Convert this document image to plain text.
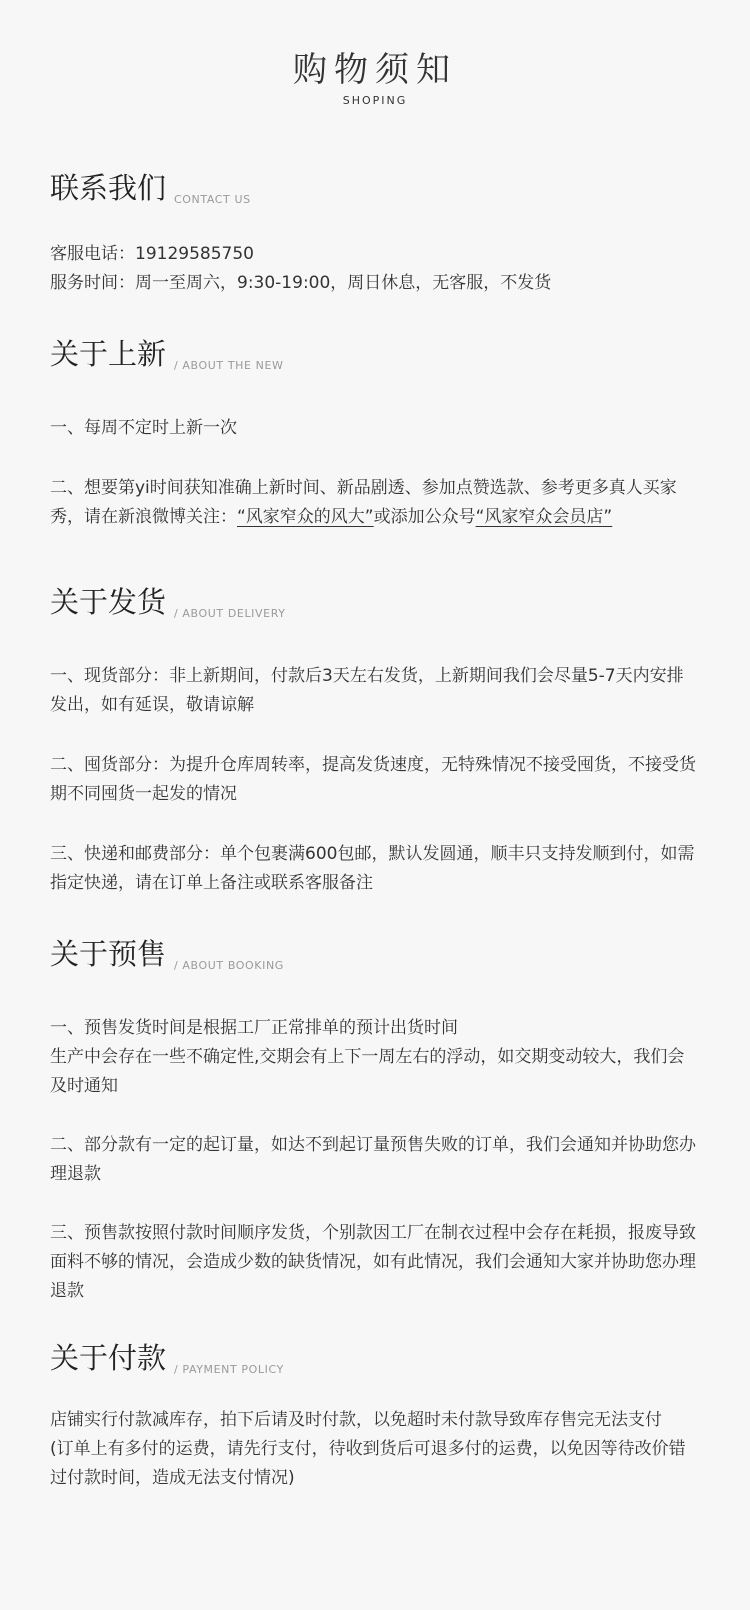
购物须知
SHOPING
联系我们 CONTACT US
客服电话：19129585750
服务时间：周一至周六，9:30-19:00，周日休息，无客服，不发货
关于上新 / ABOUT THE NEW
一、每周不定时上新一次
二、想要第yi时间获知准确上新时间、新品剧透、参加点赞选款、参考更多真人买家秀，请在新浪微博关注：“风家窄众的风大”或添加公众号“风家窄众会员店”
关于发货 / ABOUT DELIVERY
一、现货部分：非上新期间，付款后3天左右发货，上新期间我们会尽量5-7天内安排发出，如有延误，敬请谅解
二、囤货部分：为提升仓库周转率，提高发货速度，无特殊情况不接受囤货，不接受货期不同囤货一起发的情况
三、快递和邮费部分：单个包裹满600包邮，默认发圆通，顺丰只支持发顺到付，如需指定快递，请在订单上备注或联系客服备注
关于预售 / ABOUT BOOKING
一、预售发货时间是根据工厂正常排单的预计出货时间
生产中会存在一些不确定性,交期会有上下一周左右的浮动，如交期变动较大，我们会及时通知
二、部分款有一定的起订量，如达不到起订量预售失败的订单，我们会通知并协助您办理退款
三、预售款按照付款时间顺序发货，个别款因工厂在制衣过程中会存在耗损，报废导致面料不够的情况，会造成少数的缺货情况，如有此情况，我们会通知大家并协助您办理退款
关于付款 / PAYMENT POLICY
店铺实行付款减库存，拍下后请及时付款，以免超时未付款导致库存售完无法支付
(订单上有多付的运费，请先行支付，待收到货后可退多付的运费，以免因等待改价错过付款时间，造成无法支付情况)
